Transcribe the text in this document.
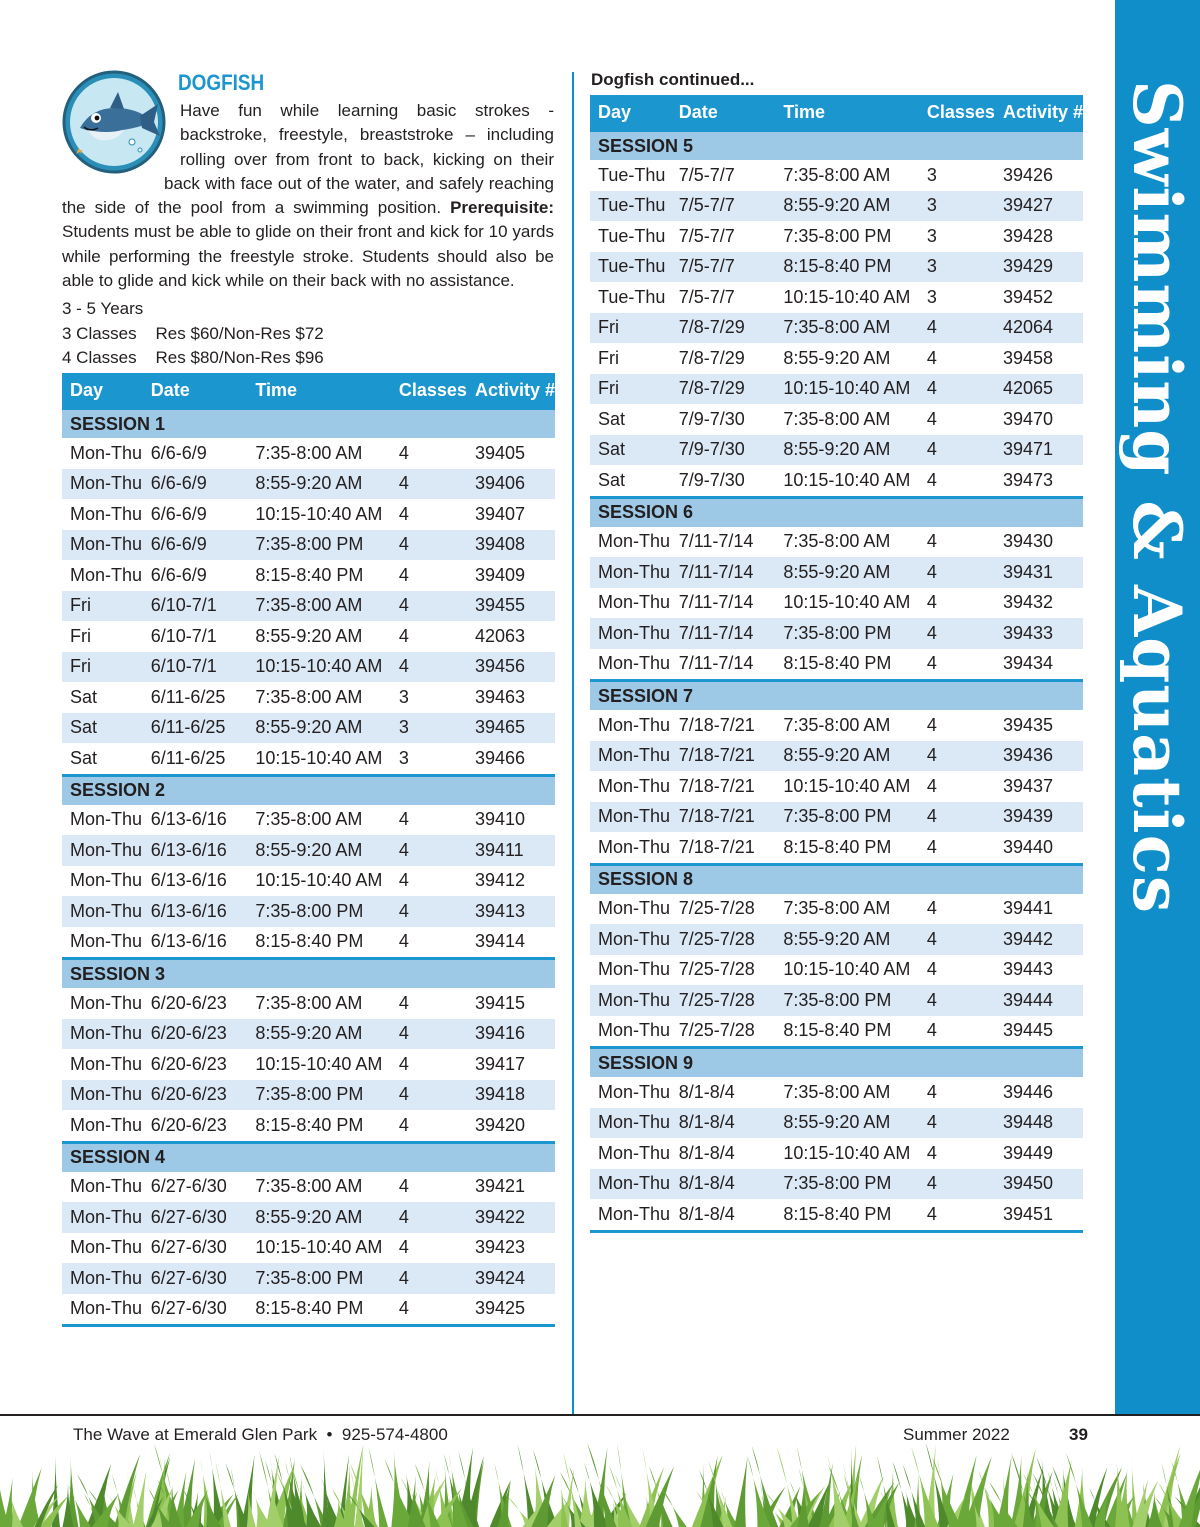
Swimming & Aquatics
DOGFISH
Have fun while learning basic strokes - backstroke, freestyle, breaststroke – including rolling over from front to back, kicking on their back with face out of the water, and safely reaching the side of the pool from a swimming position. Prerequisite: Students must be able to glide on their front and kick for 10 yards while performing the freestyle stroke. Students should also be able to glide and kick while on their back with no assistance.
3 - 5 Years
3 Classes    Res $60/Non-Res $72
4 Classes    Res $80/Non-Res $96
Day	Date	Time	Classes	Activity #
SESSION 1				
Mon-Thu	6/6-6/9	7:35-8:00 AM	4	39405
Mon-Thu	6/6-6/9	8:55-9:20 AM	4	39406
Mon-Thu	6/6-6/9	10:15-10:40 AM	4	39407
Mon-Thu	6/6-6/9	7:35-8:00 PM	4	39408
Mon-Thu	6/6-6/9	8:15-8:40 PM	4	39409
Fri	6/10-7/1	7:35-8:00 AM	4	39455
Fri	6/10-7/1	8:55-9:20 AM	4	42063
Fri	6/10-7/1	10:15-10:40 AM	4	39456
Sat	6/11-6/25	7:35-8:00 AM	3	39463
Sat	6/11-6/25	8:55-9:20 AM	3	39465
Sat	6/11-6/25	10:15-10:40 AM	3	39466
SESSION 2				
Mon-Thu	6/13-6/16	7:35-8:00 AM	4	39410
Mon-Thu	6/13-6/16	8:55-9:20 AM	4	39411
Mon-Thu	6/13-6/16	10:15-10:40 AM	4	39412
Mon-Thu	6/13-6/16	7:35-8:00 PM	4	39413
Mon-Thu	6/13-6/16	8:15-8:40 PM	4	39414
SESSION 3				
Mon-Thu	6/20-6/23	7:35-8:00 AM	4	39415
Mon-Thu	6/20-6/23	8:55-9:20 AM	4	39416
Mon-Thu	6/20-6/23	10:15-10:40 AM	4	39417
Mon-Thu	6/20-6/23	7:35-8:00 PM	4	39418
Mon-Thu	6/20-6/23	8:15-8:40 PM	4	39420
SESSION 4				
Mon-Thu	6/27-6/30	7:35-8:00 AM	4	39421
Mon-Thu	6/27-6/30	8:55-9:20 AM	4	39422
Mon-Thu	6/27-6/30	10:15-10:40 AM	4	39423
Mon-Thu	6/27-6/30	7:35-8:00 PM	4	39424
Mon-Thu	6/27-6/30	8:15-8:40 PM	4	39425
Dogfish continued...
Day	Date	Time	Classes	Activity #
SESSION 5				
Tue-Thu	7/5-7/7	7:35-8:00 AM	3	39426
Tue-Thu	7/5-7/7	8:55-9:20 AM	3	39427
Tue-Thu	7/5-7/7	7:35-8:00 PM	3	39428
Tue-Thu	7/5-7/7	8:15-8:40 PM	3	39429
Tue-Thu	7/5-7/7	10:15-10:40 AM	3	39452
Fri	7/8-7/29	7:35-8:00 AM	4	42064
Fri	7/8-7/29	8:55-9:20 AM	4	39458
Fri	7/8-7/29	10:15-10:40 AM	4	42065
Sat	7/9-7/30	7:35-8:00 AM	4	39470
Sat	7/9-7/30	8:55-9:20 AM	4	39471
Sat	7/9-7/30	10:15-10:40 AM	4	39473
SESSION 6				
Mon-Thu	7/11-7/14	7:35-8:00 AM	4	39430
Mon-Thu	7/11-7/14	8:55-9:20 AM	4	39431
Mon-Thu	7/11-7/14	10:15-10:40 AM	4	39432
Mon-Thu	7/11-7/14	7:35-8:00 PM	4	39433
Mon-Thu	7/11-7/14	8:15-8:40 PM	4	39434
SESSION 7				
Mon-Thu	7/18-7/21	7:35-8:00 AM	4	39435
Mon-Thu	7/18-7/21	8:55-9:20 AM	4	39436
Mon-Thu	7/18-7/21	10:15-10:40 AM	4	39437
Mon-Thu	7/18-7/21	7:35-8:00 PM	4	39439
Mon-Thu	7/18-7/21	8:15-8:40 PM	4	39440
SESSION 8				
Mon-Thu	7/25-7/28	7:35-8:00 AM	4	39441
Mon-Thu	7/25-7/28	8:55-9:20 AM	4	39442
Mon-Thu	7/25-7/28	10:15-10:40 AM	4	39443
Mon-Thu	7/25-7/28	7:35-8:00 PM	4	39444
Mon-Thu	7/25-7/28	8:15-8:40 PM	4	39445
SESSION 9				
Mon-Thu	8/1-8/4	7:35-8:00 AM	4	39446
Mon-Thu	8/1-8/4	8:55-9:20 AM	4	39448
Mon-Thu	8/1-8/4	10:15-10:40 AM	4	39449
Mon-Thu	8/1-8/4	7:35-8:00 PM	4	39450
Mon-Thu	8/1-8/4	8:15-8:40 PM	4	39451
The Wave at Emerald Glen Park  •  925-574-4800	Summer 2022	39
